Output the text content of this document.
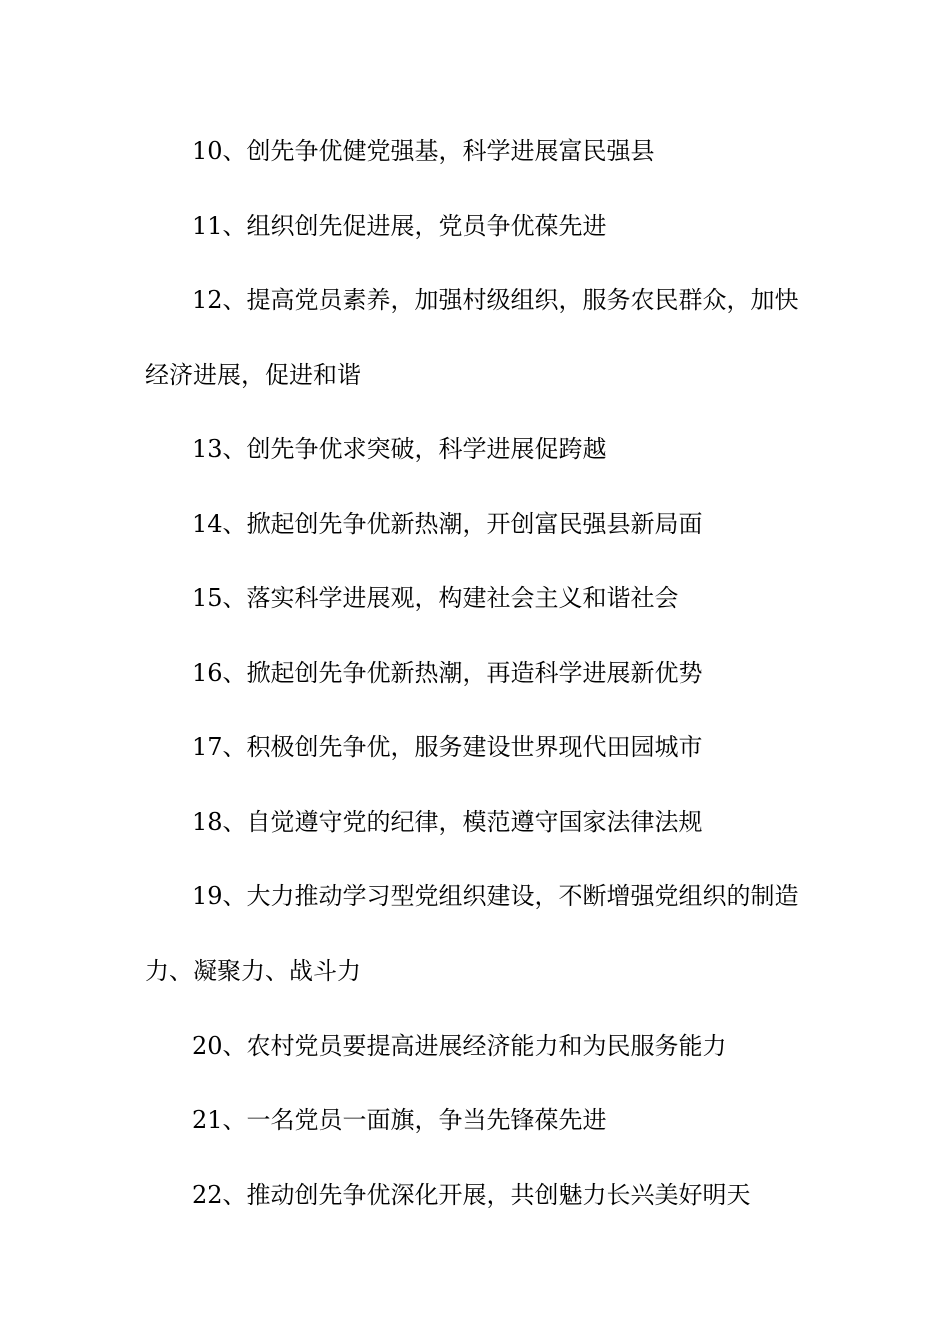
10、创先争优健党强基，科学进展富民强县
11、组织创先促进展，党员争优葆先进
12、提高党员素养，加强村级组织，服务农民群众，加快
经济进展，促进和谐
13、创先争优求突破，科学进展促跨越
14、掀起创先争优新热潮，开创富民强县新局面
15、落实科学进展观，构建社会主义和谐社会
16、掀起创先争优新热潮，再造科学进展新优势
17、积极创先争优，服务建设世界现代田园城市
18、自觉遵守党的纪律，模范遵守国家法律法规
19、大力推动学习型党组织建设，不断增强党组织的制造
力、凝聚力、战斗力
20、农村党员要提高进展经济能力和为民服务能力
21、一名党员一面旗，争当先锋葆先进
22、推动创先争优深化开展，共创魅力长兴美好明天
